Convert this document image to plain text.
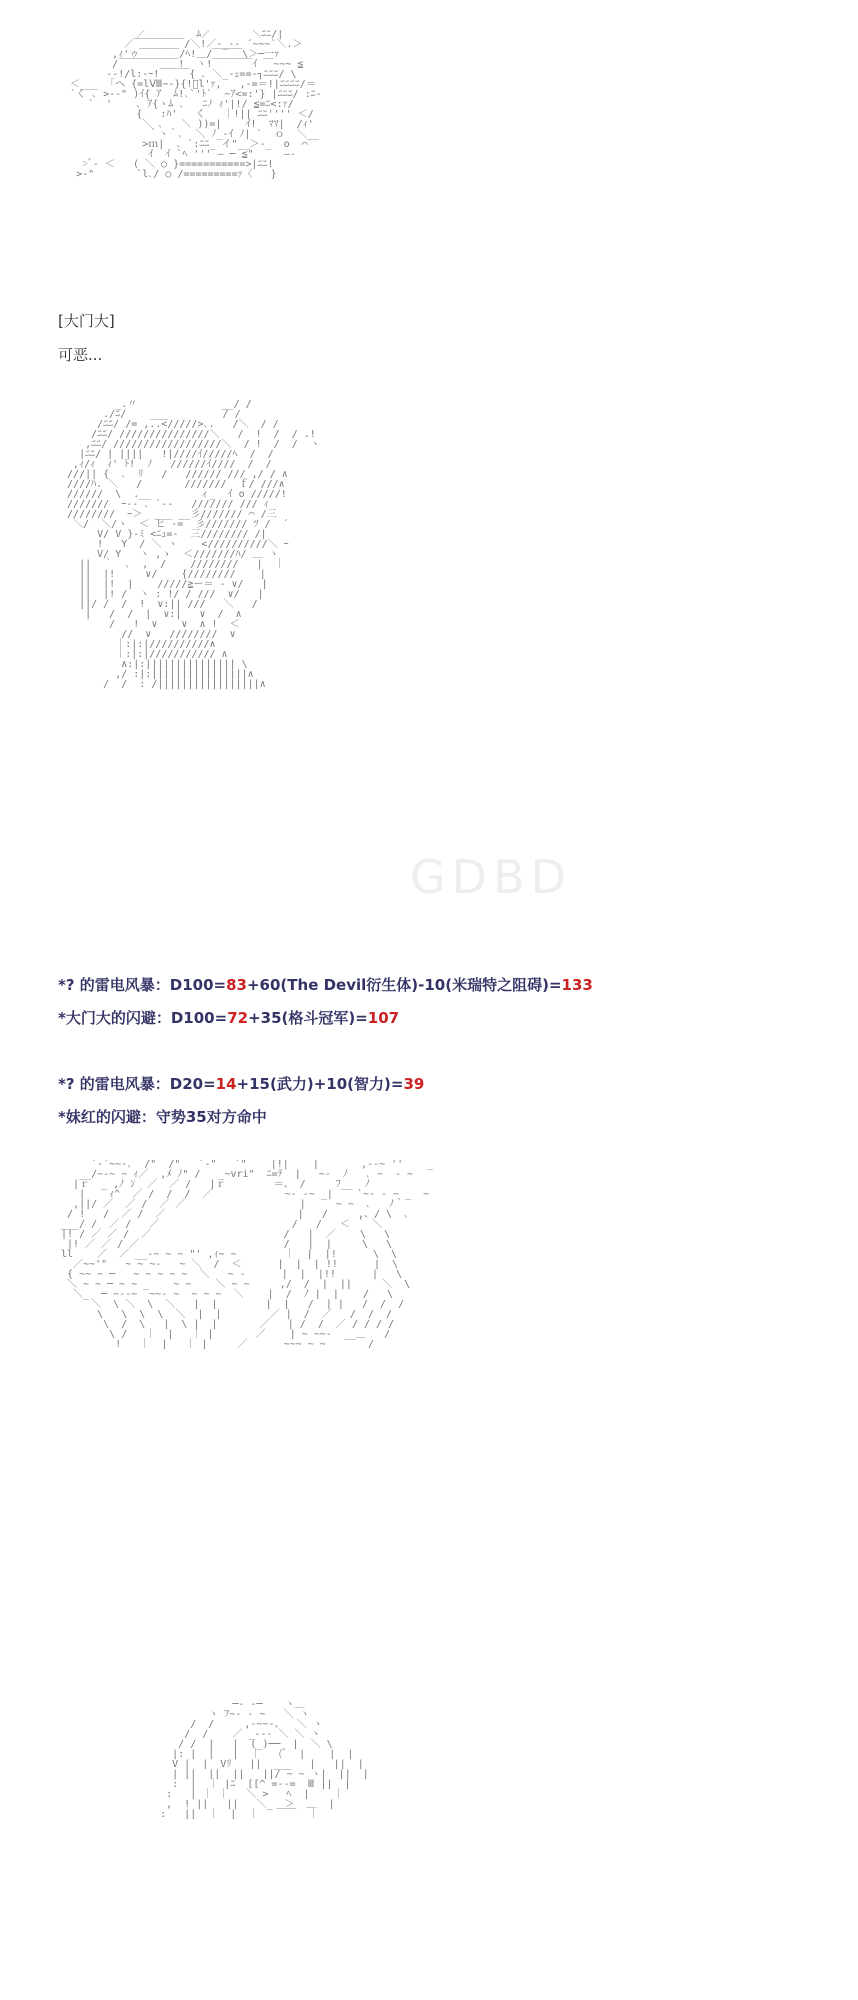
／￣￣￣￣￣ﾑ／￣￣￣￣＼ﾆﾆ/|
／￣￣￣￣￣/＼!／-_-- ´~~~`＼.＞
,ｨ'ゥ￣￣￣￣/ﾍ!＿/￣￣￣\＞─一ｧ
/￣￣￣￣￣￣!  ヽ!￣￣￣￣ｲ ￣~~~ ≦
-‐!/l:-ｰ!￣￣￣{ ､ ＼_-ｪ==‐┐ﾆﾆﾆ/ \
＜___  ｢ヘ {=lⅧ−-}{!ﾞl'ｧ,   ,-=＝!|ﾆﾆﾆﾆ/＝
`く ､ >-‐" )ｲ{ ｱ  ﾑ!､`'ﾄ`  ~ｱ<=:'} |ﾆﾆﾆ/ :ﾆ-
`  '    ､ ｱ{ヽﾑ ､   ﾆﾉ ｨ'|!/ ≦=ﾆ<:ｧ/
{   :ﾊ'   く   ｜!|| ﾆﾆ'''' ＜/
＼ ､   ＼ ))=|    ｲ!  ﾏﾏ|  /ｨ'
｀ヽ｀､  ＼ ﾉ_-ｲ ﾉ| `  ｏ  ＼__
>ｍ|  ､ `:ﾆﾆ_ イ"__＞-_  o  ⌒
ｲ  ｲ `ﾍ ''' ― ─ ≦"     ―‐
>ﾞ‐ ＜   ( ＼ ○ }===========>|ﾆﾆ!
>‐"       `l､/ ○ /=========ｧ〈   }
[大门大]
可恶...
_.〃              __/ /
./ﾆ/    ___         / /
/ﾆﾆ/ /= ,..</////>､.   /＼  / /
/ﾆﾆ/ ///////////////＼   /  !  /  / .!
,ﾆﾆ/ //////////////////＼  / !  /  /  ヽ
|ﾆﾆ/ | ||||   !|////ｲ/////ﾍ  /  /
,ｨ/ｨ  ｨ' ﾄ!  ﾉ   //////ｲ////  /  /
///|| {  ､  ﾘ   /   ////// /// ,/ / ∧
////ﾊ. ＼   /       ///////  ｆ/ ///∧
//////  \  .__        ィ_  ｲ o /////!
///////  ｰ-- ､ `--   /////// /// ｨ
////////  ｰ＞  ___ __彡/////// ⌒ /三
＼/  ＼/ヽ  ＜ ヒ ‐=  彡/////// ﾂ /  ´
V/ V }-ﾐ <ﾆｭ=-  三//////// /|
!   Y  / ＼ ヽ    <//////////＼ ｰ
V/ Y   ヽ ,ゝ  ＜///////ﾊ/ ＿ ヽ
||  ｀  ､  ,  /    ////////   |  ｜
||  |!     ∨/    {////////    |
||  |!  |    /////≧ー＝ - ∨/   |
||  |! /  ヽ : !/ / ///  ∨/   |
||/ /  /  !  ∨:|| ///   ＼   /
|   /  /  |  ∨:|   ∨  /  ∧
/   !  ∨    ∨  ∧ !  ＜
//  ∨   ////////  ∨
｜:|:|//////////∧
｜:|:|/////////// ∧
∧:|:||||||||||||||| \
,/ :|:||||||||||||||||∧
/  /  : /|||||||||||||||||∧
GDBD
*? 的雷电风暴：D100=83+60(The Devil衍生体)-10(米瑞特之阻碍)=133
*大门大的闪避：D100=72+35(格斗冠军)=107
*? 的雷电风暴：D20=14+15(武力)+10(智力)=39
*妹红的闪避：守势35对方命中
`-`~~‐､  /"  /"   `-"   `"    |!|    |       ,--~ ''    _
__/~‐~ ~ ｨ／  ,ﾒ ﾉ" /   _~vri"  ﾆ=ﾃ  |   ~‐  ﾉ   ､ ~  ‐ ~
|ｒ  _ ,ﾉ ﾝ  ／  ／ /   |ｒ        ＝、 /     ﾌ__  ﾉ
|    ｨ^  ／ /  /  /  ／            ~‐ ‐~ _|    `~‐ ‐ ~ _  ~
,||/ ／  ／ /  ／ ／                   |     ~ ~  ､   ﾉ｀
/ !   /  ／ /  ／                      |   /     ,、/ \  ､
___/ /  ／ /   ／                      /   /   ＜ ｀ ＼
|! / ／ ／ /  ／                      /   |  ／    \   \
|! ／ ／ / ／                        /   |  |     \   \
ll    ／  ／ __‐~ ~ ~ "' ,ｨ~ ~        ｜  |  |!      \  \
／~~'"   ~ ~ ~‐   ~ ＼  /  ＜      |  |  | !!      |  \
{ ~~ ~ ─   ~ ~ ~ ~ ~  ＼   ~ ‐      |  |  |!!      |   \
＼ ~ ~ ─ ~ ~ _    ~ ~    ＼ ~ ~     ,/  /  |  ||     ＼  \
＼_  ─ ~‐‐~  ~~‐ ~  ~ ~ ~  ＼    |  /  ﾉ |  |    /   \
＼  \ ＼  \  ＼   |  |        |  |   /  | |   /  /  /
\   \  \  \  ＼  |  |        ／ |  /  ／   /  /  /
\  /  \   |  \ |  |       ／   | /  /  ／ / / / /
\ /   ｜  |   ｜ |       ／    | ~ ~~‐  __＿   /
!   ｜  |   ｜ |     ／      ~~~ ~ ~       /
─‐ ‐─  ｀ヽ＿
ヽ ﾌ~‐ ‐ ~   ＼ ヽ
/  /     ,‐~~‐、  ＼ ヽ
/  /    ／ _--- ＼ ＼ ヽ
/ /  |   |  (_)──  |  ＼ \
|: |  |   |  ｜   (ﾞ  |    |  |
V |  |  Vﾘ   ||  ___   |   ||  |
| ||  ||  ||   ||/ ~ ~ ヽ|  ||  |
:  |  ｜ |ﾆ  [[^ =--=  Ⅲ ||  |
:   | ｜ ｜   ＼ >   ﾍ  |    ｜
,  ! ||   ||   ＼_  ＞  ＿  |
:   ||  ｜  |  ｜   ￣￣  ｜
